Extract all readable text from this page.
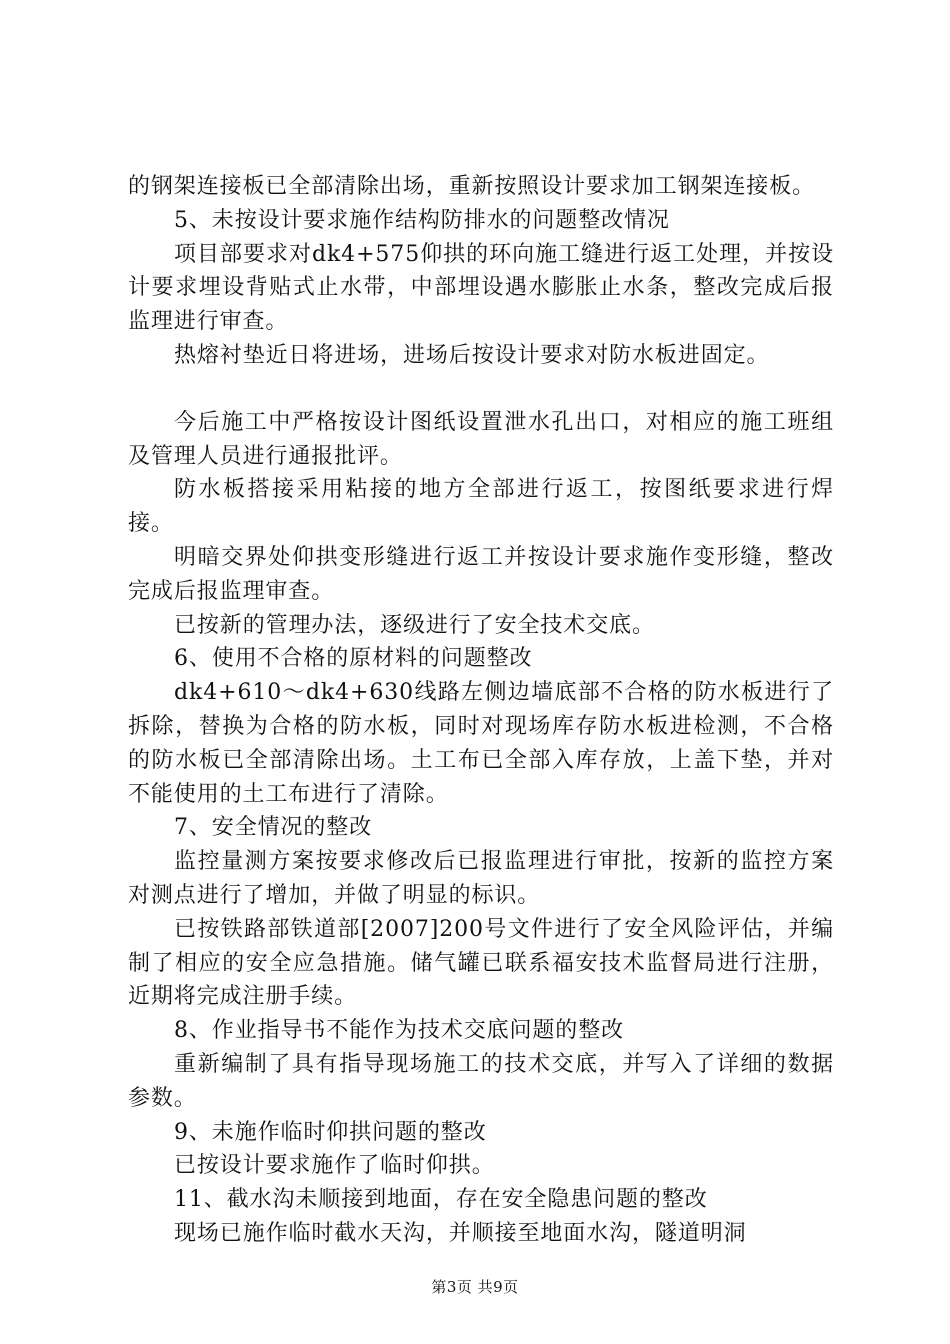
的钢架连接板已全部清除出场，重新按照设计要求加工钢架连接板。

5、未按设计要求施作结构防排水的问题整改情况

项目部要求对dk4+575仰拱的环向施工缝进行返工处理，并按设计要求埋设背贴式止水带，中部埋设遇水膨胀止水条，整改完成后报监理进行审查。

热熔衬垫近日将进场，进场后按设计要求对防水板进固定。

今后施工中严格按设计图纸设置泄水孔出口，对相应的施工班组及管理人员进行通报批评。

防水板搭接采用粘接的地方全部进行返工，按图纸要求进行焊接。

明暗交界处仰拱变形缝进行返工并按设计要求施作变形缝，整改完成后报监理审查。

已按新的管理办法，逐级进行了安全技术交底。

6、使用不合格的原材料的问题整改

dk4+610～dk4+630线路左侧边墙底部不合格的防水板进行了拆除，替换为合格的防水板，同时对现场库存防水板进检测，不合格的防水板已全部清除出场。土工布已全部入库存放，上盖下垫，并对不能使用的土工布进行了清除。

7、安全情况的整改

监控量测方案按要求修改后已报监理进行审批，按新的监控方案对测点进行了增加，并做了明显的标识。

已按铁路部铁道部[2007]200号文件进行了安全风险评估，并编制了相应的安全应急措施。储气罐已联系福安技术监督局进行注册，近期将完成注册手续。

8、作业指导书不能作为技术交底问题的整改

重新编制了具有指导现场施工的技术交底，并写入了详细的数据参数。

9、未施作临时仰拱问题的整改

已按设计要求施作了临时仰拱。

11、截水沟未顺接到地面，存在安全隐患问题的整改

现场已施作临时截水天沟，并顺接至地面水沟，隧道明洞

第3页 共9页
